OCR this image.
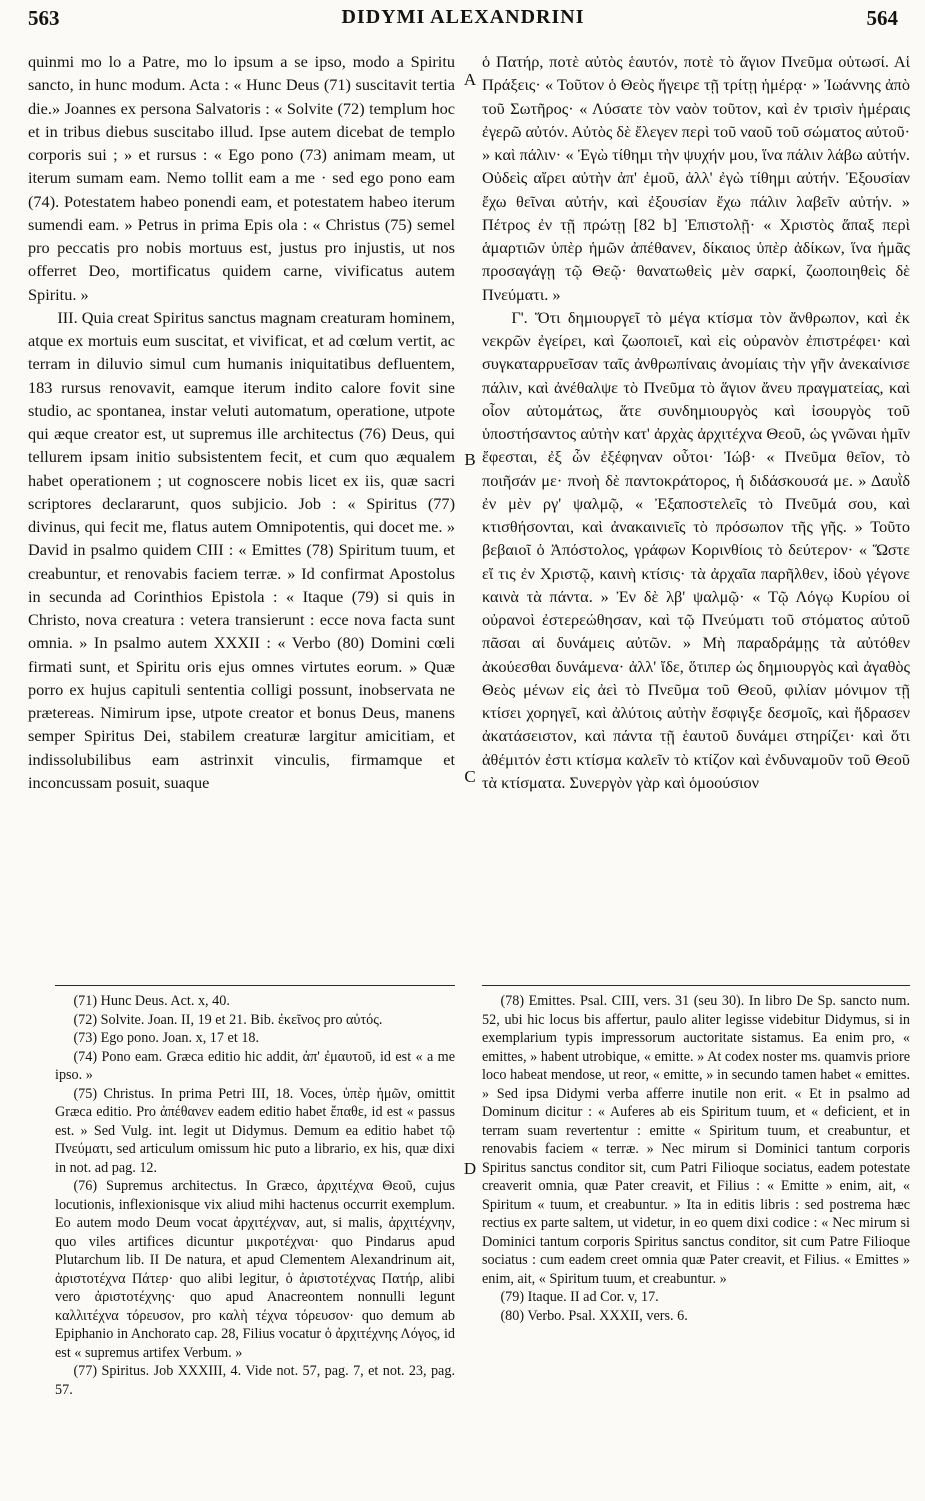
563	DIDYMI ALEXANDRINI	564

quinmi mo lo a Patre, mo lo ipsum a se ipso, modo a Spiritu sancto, in hunc modum. Acta : « Hunc Deus (71) suscitavit tertia die.» Joannes ex persona Salvatoris : « Solvite (72) templum hoc et in tribus diebus suscitabo illud. Ipse autem dicebat de templo corporis sui ; » et rursus : « Ego pono (73) animam meam, ut iterum sumam eam. Nemo tollit eam a me · sed ego pono eam (74). Potestatem habeo ponendi eam, et potestatem habeo iterum sumendi eam. » Petrus in prima Epis ola : « Christus (75) semel pro peccatis pro nobis mortuus est, justus pro injustis, ut nos offerret Deo, mortificatus quidem carne, vivificatus autem Spiritu. »

III. Quia creat Spiritus sanctus magnam creaturam hominem, atque ex mortuis eum suscitat, et vivificat, et ad cœlum vertit, ac terram in diluvio simul cum humanis iniquitatibus defluentem, 183 rursus renovavit, eamque iterum indito calore fovit sine studio, ac spontanea, instar veluti automatum, operatione, utpote qui æque creator est, ut supremus ille architectus (76) Deus, qui tellurem ipsam initio subsistentem fecit, et cum quo æqualem habet operationem ; ut cognoscere nobis licet ex iis, quæ sacri scriptores declararunt, quos subjicio. Job : « Spiritus (77) divinus, qui fecit me, flatus autem Omnipotentis, qui docet me. » David in psalmo quidem CIII : « Emittes (78) Spiritum tuum, et creabuntur, et renovabis faciem terræ. » Id confirmat Apostolus in secunda ad Corinthios Epistola : « Itaque (79) si quis in Christo, nova creatura : vetera transierunt : ecce nova facta sunt omnia. » In psalmo autem XXXII : « Verbo (80) Domini cœli firmati sunt, et Spiritu oris ejus omnes virtutes eorum. » Quæ porro ex hujus capituli sententia colligi possunt, inobservata ne prætereas. Nimirum ipse, utpote creator et bonus Deus, manens semper Spiritus Dei, stabilem creaturæ largitur amicitiam, et indissolubilibus eam astrinxit vinculis, firmamque et inconcussam posuit, suaque

ὁ Πατήρ, ποτὲ αὐτὸς ἑαυτόν, ποτὲ τὸ ἅγιον Πνεῦμα οὑτωσί. Αἱ Πράξεις· « Τοῦτον ὁ Θεὸς ἤγειρε τῇ τρίτῃ ἡμέρᾳ· » Ἰωάννης ἀπὸ τοῦ Σωτῆρος· « Λύσατε τὸν ναὸν τοῦτον, καὶ ἐν τρισὶν ἡμέραις ἐγερῶ αὐτόν. Αὐτὸς δὲ ἔλεγεν περὶ τοῦ ναοῦ τοῦ σώματος αὐτοῦ· » καὶ πάλιν· « Ἐγὼ τίθημι τὴν ψυχήν μου, ἵνα πάλιν λάβω αὐτήν. Οὐδεὶς αἴρει αὐτὴν ἀπ' ἐμοῦ, ἀλλ' ἐγὼ τίθημι αὐτήν. Ἐξουσίαν ἔχω θεῖναι αὐτήν, καὶ ἐξουσίαν ἔχω πάλιν λαβεῖν αὐτήν. » Πέτρος ἐν τῇ πρώτῃ [82 b] Ἐπιστολῇ· « Χριστὸς ἅπαξ περὶ ἁμαρτιῶν ὑπὲρ ἡμῶν ἀπέθανεν, δίκαιος ὑπὲρ ἀδίκων, ἵνα ἡμᾶς προσαγάγῃ τῷ Θεῷ· θανατωθεὶς μὲν σαρκί, ζωοποιηθεὶς δὲ Πνεύματι. »

Γ'. Ὅτι δημιουργεῖ τὸ μέγα κτίσμα τὸν ἄνθρωπον, καὶ ἐκ νεκρῶν ἐγείρει, καὶ ζωοποιεῖ, καὶ εἰς οὐρανὸν ἐπιστρέφει· καὶ συγκαταρρυεῖσαν ταῖς ἀνθρωπίναις ἀνομίαις τὴν γῆν ἀνεκαίνισε πάλιν, καὶ ἀνέθαλψε τὸ Πνεῦμα τὸ ἅγιον ἄνευ πραγματείας, καὶ οἷον αὐτομάτως, ἅτε συνδημιουργὸς καὶ ἰσουργὸς τοῦ ὑποστήσαντος αὐτὴν κατ' ἀρχὰς ἀρχιτέχνα Θεοῦ, ὡς γνῶναι ἡμῖν ἔφεσται, ἐξ ὧν ἐξέφηναν οὗτοι· Ἰώβ· « Πνεῦμα θεῖον, τὸ ποιῆσάν με· πνοὴ δὲ παντοκράτορος, ἡ διδάσκουσά με. » Δαυῒδ ἐν μὲν ργ' ψαλμῷ, « Ἐξαποστελεῖς τὸ Πνεῦμά σου, καὶ κτισθήσονται, καὶ ἀνακαινιεῖς τὸ πρόσωπον τῆς γῆς. » Τοῦτο βεβαιοῖ ὁ Ἀπόστολος, γράφων Κορινθίοις τὸ δεύτερον· « Ὥστε εἴ τις ἐν Χριστῷ, καινὴ κτίσις· τὰ ἀρχαῖα παρῆλθεν, ἰδοὺ γέγονε καινὰ τὰ πάντα. » Ἐν δὲ λβ' ψαλμῷ· « Τῷ Λόγῳ Κυρίου οἱ οὐρανοὶ ἐστερεώθησαν, καὶ τῷ Πνεύματι τοῦ στόματος αὐτοῦ πᾶσαι αἱ δυνάμεις αὐτῶν. » Μὴ παραδράμῃς τὰ αὐτόθεν ἀκούεσθαι δυνάμενα· ἀλλ' ἴδε, ὅτιπερ ὡς δημιουργὸς καὶ ἀγαθὸς Θεὸς μένων εἰς ἀεὶ τὸ Πνεῦμα τοῦ Θεοῦ, φιλίαν μόνιμον τῇ κτίσει χορηγεῖ, καὶ ἀλύτοις αὐτὴν ἔσφιγξε δεσμοῖς, καὶ ἥδρασεν ἀκατάσειστον, καὶ πάντα τῇ ἑαυτοῦ δυνάμει στηρίζει· καὶ ὅτι ἀθέμιτόν ἐστι κτίσμα καλεῖν τὸ κτίζον καὶ ἐνδυναμοῦν τοῦ Θεοῦ τὰ κτίσματα. Συνεργὸν γὰρ καὶ ὁμοούσιον

A
B
C
D

(71) Hunc Deus. Act. x, 40.

(72) Solvite. Joan. II, 19 et 21. Bib. ἐκεῖνος pro αὐτός.

(73) Ego pono. Joan. x, 17 et 18.

(74) Pono eam. Græca editio hic addit, ἀπ' ἐμαυτοῦ, id est « a me ipso. »

(75) Christus. In prima Petri III, 18. Voces, ὑπὲρ ἡμῶν, omittit Græca editio. Pro ἀπέθανεν eadem editio habet ἔπαθε, id est « passus est. » Sed Vulg. int. legit ut Didymus. Demum ea editio habet τῷ Πνεύματι, sed articulum omissum hic puto a librario, ex his, quæ dixi in not. ad pag. 12.

(76) Supremus architectus. In Græco, ἀρχιτέχνα Θεοῦ, cujus locutionis, inflexionisque vix aliud mihi hactenus occurrit exemplum. Eo autem modo Deum vocat ἀρχιτέχναν, aut, si malis, ἀρχιτέχνην, quo viles artifices dicuntur μικροτέχναι· quo Pindarus apud Plutarchum lib. II De natura, et apud Clementem Alexandrinum ait, ἀριστοτέχνα Πάτερ· quo alibi legitur, ὁ ἀριστοτέχνας Πατήρ, alibi vero ἀριστοτέχνης· quo apud Anacreontem nonnulli legunt καλλιτέχνα τόρευσον, pro καλὴ τέχνα τόρευσον· quo demum ab Epiphanio in Anchorato cap. 28, Filius vocatur ὁ ἀρχιτέχνης Λόγος, id est « supremus artifex Verbum. »

(77) Spiritus. Job XXXIII, 4. Vide not. 57, pag. 7, et not. 23, pag. 57.

(78) Emittes. Psal. CIII, vers. 31 (seu 30). In libro De Sp. sancto num. 52, ubi hic locus bis affertur, paulo aliter legisse videbitur Didymus, si in exemplarium typis impressorum auctoritate sistamus. Ea enim pro, « emittes, » habent utrobique, « emitte. » At codex noster ms. quamvis priore loco habeat mendose, ut reor, « emitte, » in secundo tamen habet « emittes. » Sed ipsa Didymi verba afferre inutile non erit. « Et in psalmo ad Dominum dicitur : « Auferes ab eis Spiritum tuum, et « deficient, et in terram suam revertentur : emitte « Spiritum tuum, et creabuntur, et renovabis faciem « terræ. » Nec mirum si Dominici tantum corporis Spiritus sanctus conditor sit, cum Patri Filioque sociatus, eadem potestate creaverit omnia, quæ Pater creavit, et Filius : « Emitte » enim, ait, « Spiritum « tuum, et creabuntur. » Ita in editis libris : sed postrema hæc rectius ex parte saltem, ut videtur, in eo quem dixi codice : « Nec mirum si Dominici tantum corporis Spiritus sanctus conditor, sit cum Patre Filioque sociatus : cum eadem creet omnia quæ Pater creavit, et Filius. « Emittes » enim, ait, « Spiritum tuum, et creabuntur. »

(79) Itaque. II ad Cor. v, 17.

(80) Verbo. Psal. XXXII, vers. 6.
